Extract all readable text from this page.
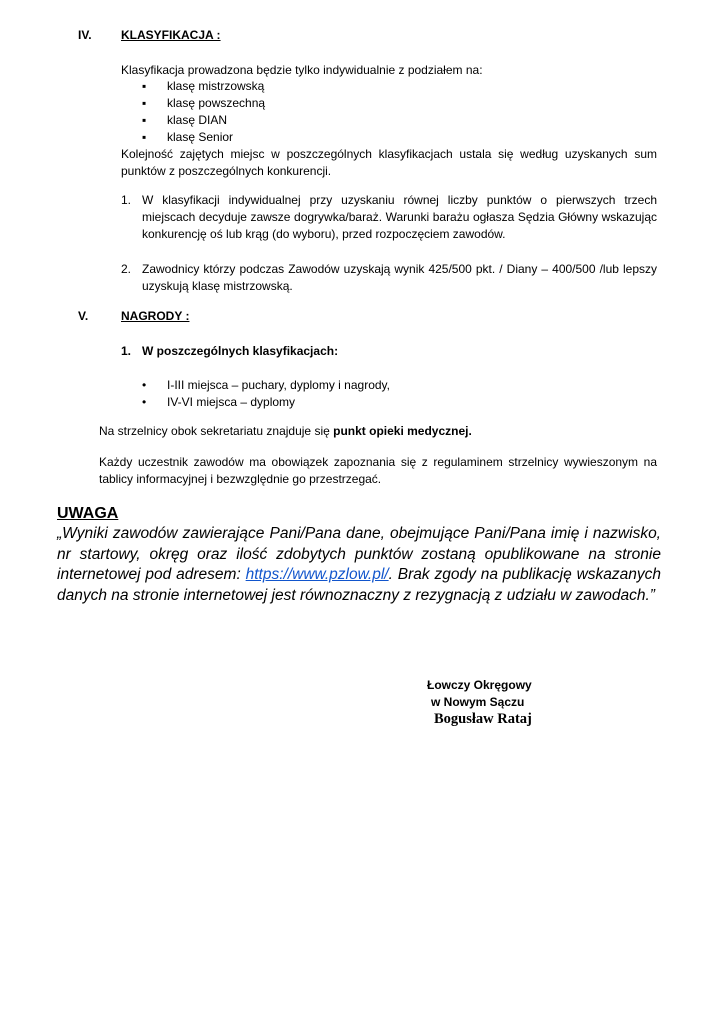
IV. KLASYFIKACJA :
Klasyfikacja prowadzona będzie tylko indywidualnie z podziałem na:
▪ klasę mistrzowską
▪ klasę powszechną
▪ klasę DIAN
▪ klasę Senior

Kolejność zajętych miejsc w poszczególnych klasyfikacjach ustala się według uzyskanych sum punktów z poszczególnych konkurencji.

1. W klasyfikacji indywidualnej przy uzyskaniu równej liczby punktów o pierwszych trzech miejscach decyduje zawsze dogrywka/baraż. Warunki barażu ogłasza Sędzia Główny wskazując konkurencję oś lub krąg (do wyboru), przed rozpoczęciem zawodów.

2. Zawodnicy którzy podczas Zawodów uzyskają wynik 425/500 pkt. / Diany – 400/500 /lub lepszy uzyskują klasę mistrzowską.

V.	NAGRODY :
1. W poszczególnych klasyfikacjach:
• I-III miejsca – puchary, dyplomy i nagrody,
• IV-VI miejsca – dyplomy

Na strzelnicy obok sekretariatu znajduje się punkt opieki medycznej.

Każdy uczestnik zawodów ma obowiązek zapoznania się z regulaminem strzelnicy wywieszonym na tablicy informacyjnej i bezwzględnie go przestrzegać.

UWAGA

„Wyniki zawodów zawierające Pani/Pana dane, obejmujące Pani/Pana imię i nazwisko, nr startowy, okręg oraz ilość zdobytych punktów zostaną opublikowane na stronie internetowej pod adresem: https://www.pzlow.pl/. Brak zgody na publikację wskazanych danych na stronie internetowej jest równoznaczny z rezygnacją z udziału w zawodach.”

Łowczy Okręgowy
w Nowym Sączu
Bogusław Rataj
